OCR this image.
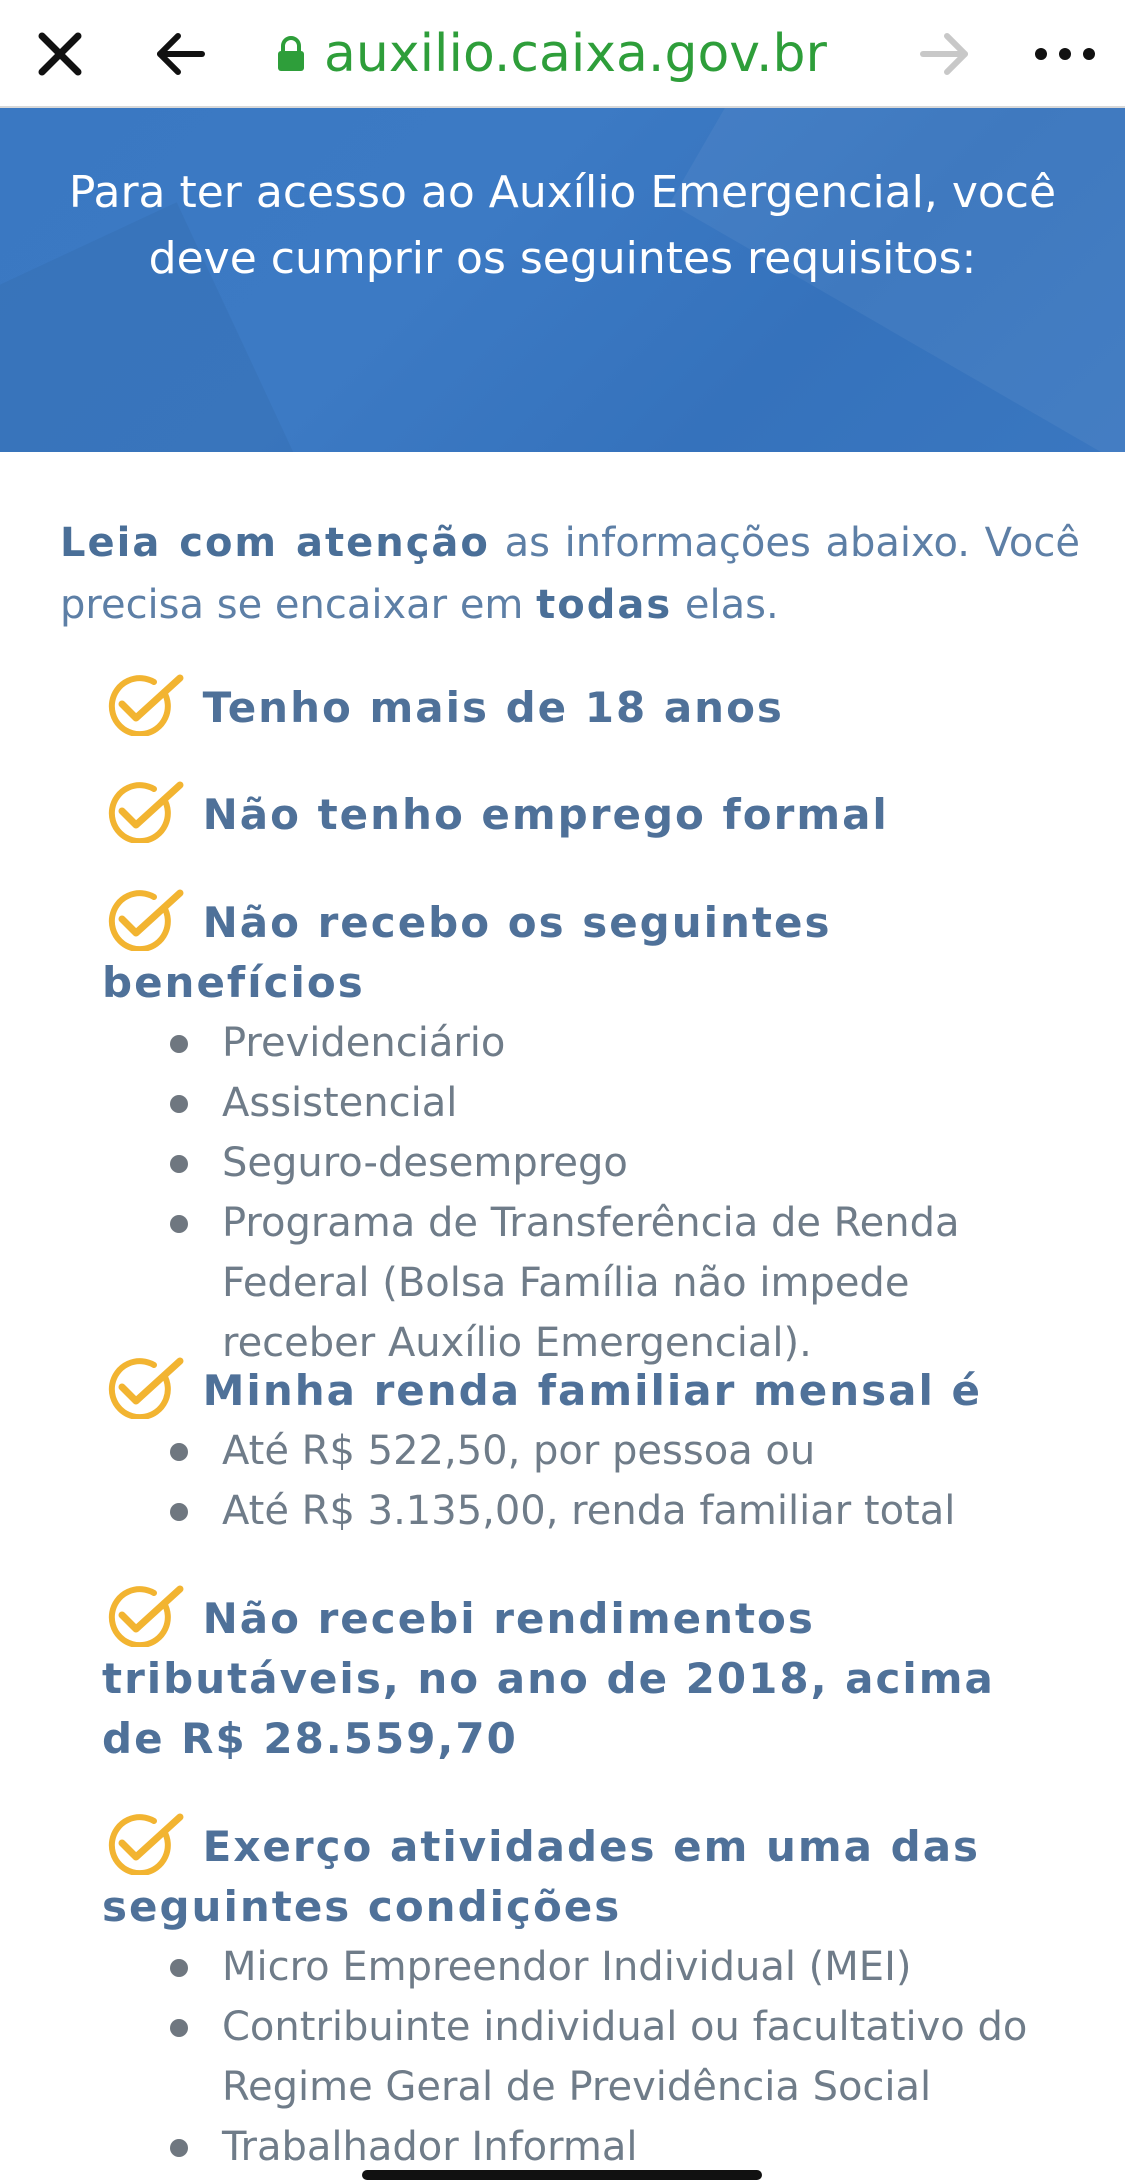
auxilio.caixa.gov.br
Para ter acesso ao Auxílio Emergencial, você deve cumprir os seguintes requisitos:
Leia com atenção as informações abaixo. Você precisa se encaixar em todas elas.
Tenho mais de 18 anos
Não tenho emprego formal
Não recebo os seguintes benefícios
Previdenciário
Assistencial
Seguro-desemprego
Programa de Transferência de Renda Federal (Bolsa Família não impede receber Auxílio Emergencial).
Minha renda familiar mensal é
Até R$ 522,50, por pessoa ou
Até R$ 3.135,00, renda familiar total
Não recebi rendimentos tributáveis, no ano de 2018, acima de R$ 28.559,70
Exerço atividades em uma das seguintes condições
Micro Empreendor Individual (MEI)
Contribuinte individual ou facultativo do Regime Geral de Previdência Social
Trabalhador Informal
